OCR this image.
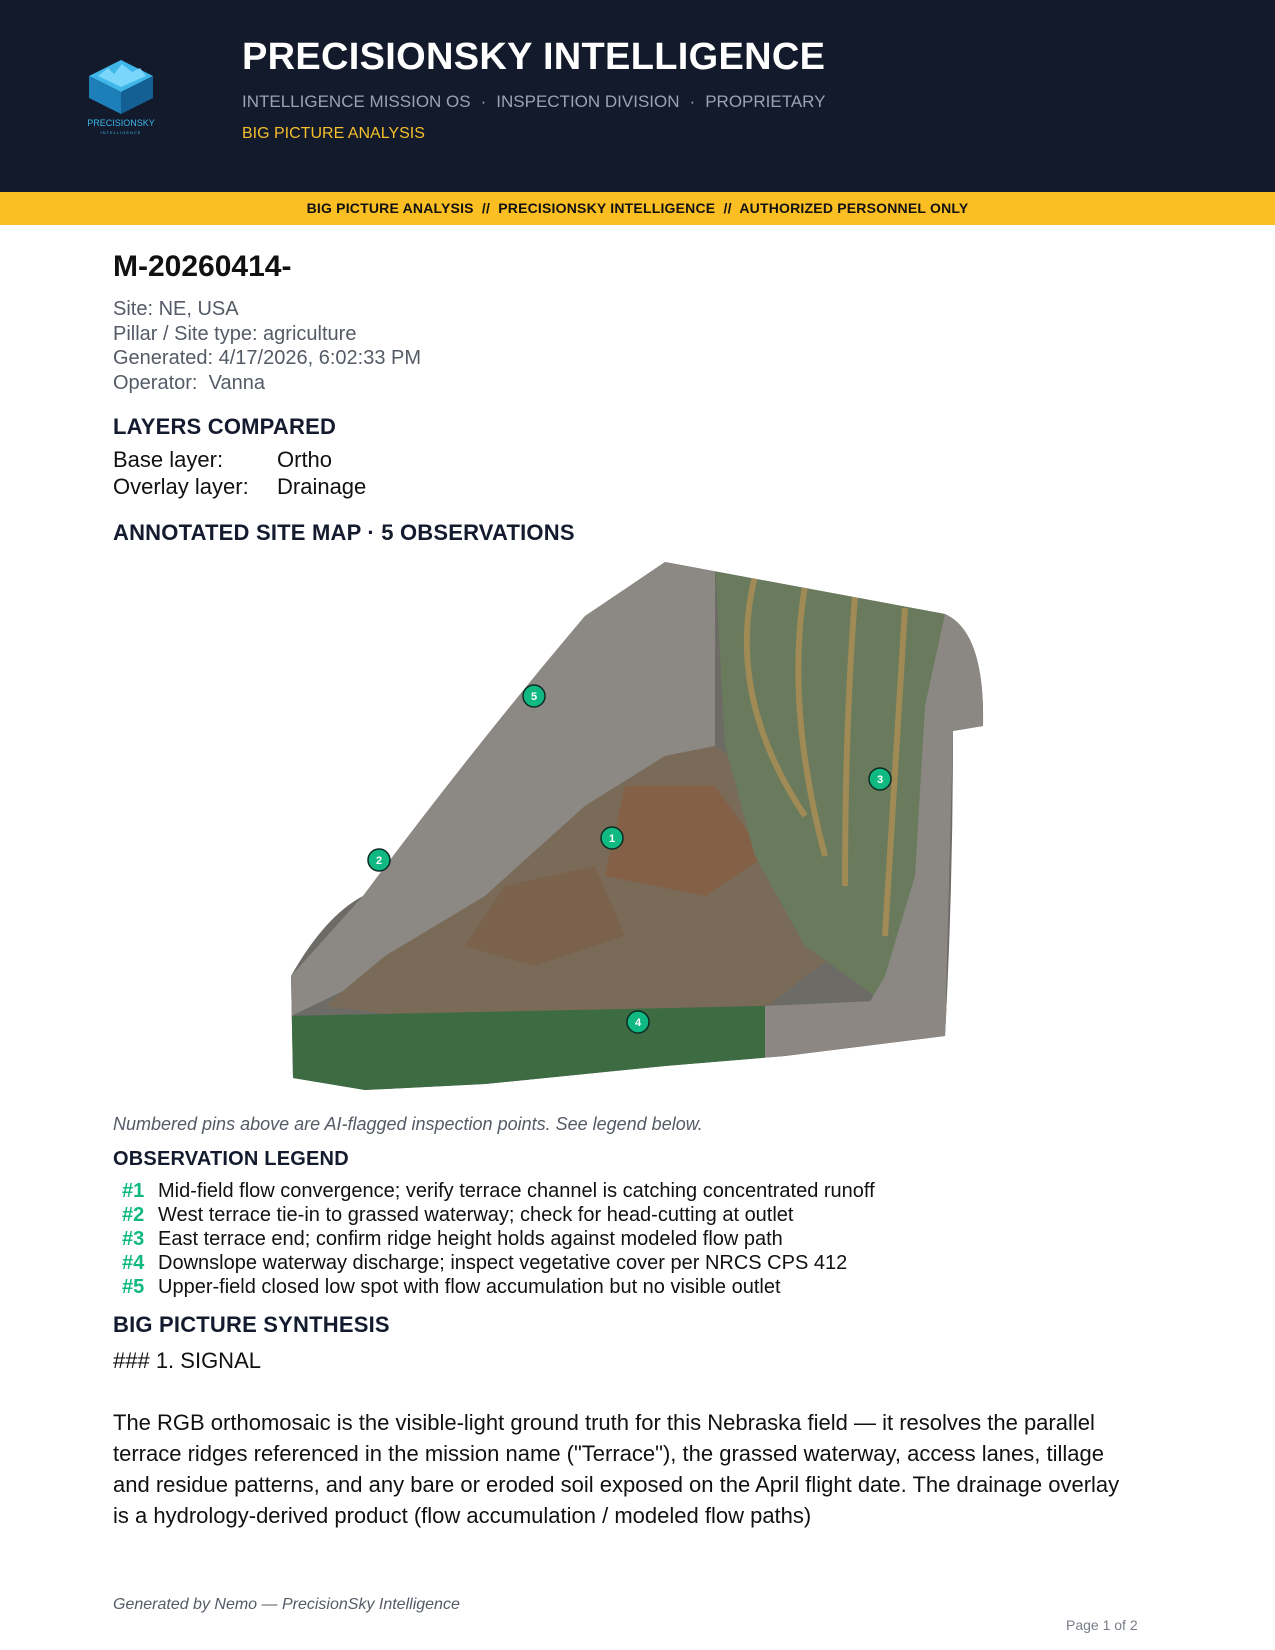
PRECISIONSKY
INTELLIGENCE
PRECISIONSKY INTELLIGENCE
INTELLIGENCE MISSION OS · INSPECTION DIVISION · PROPRIETARY
BIG PICTURE ANALYSIS
BIG PICTURE ANALYSIS  //  PRECISIONSKY INTELLIGENCE  //  AUTHORIZED PERSONNEL ONLY
M-20260414-
Site: NE, USA
Pillar / Site type: agriculture
Generated: 4/17/2026, 6:02:33 PM
Operator:  Vanna
LAYERS COMPARED
Base layer: Ortho
Overlay layer: Drainage
ANNOTATED SITE MAP · 5 OBSERVATIONS
1
2
3
4
5
Numbered pins above are AI-flagged inspection points. See legend below.
OBSERVATION LEGEND
#1 Mid-field flow convergence; verify terrace channel is catching concentrated runoff
#2 West terrace tie-in to grassed waterway; check for head-cutting at outlet
#3 East terrace end; confirm ridge height holds against modeled flow path
#4 Downslope waterway discharge; inspect vegetative cover per NRCS CPS 412
#5 Upper-field closed low spot with flow accumulation but no visible outlet
BIG PICTURE SYNTHESIS
### 1. SIGNAL
The RGB orthomosaic is the visible-light ground truth for this Nebraska field — it resolves the parallel terrace ridges referenced in the mission name ("Terrace"), the grassed waterway, access lanes, tillage and residue patterns, and any bare or eroded soil exposed on the April flight date. The drainage overlay is a hydrology-derived product (flow accumulation / modeled flow paths)
Generated by Nemo — PrecisionSky Intelligence
Page 1 of 2
